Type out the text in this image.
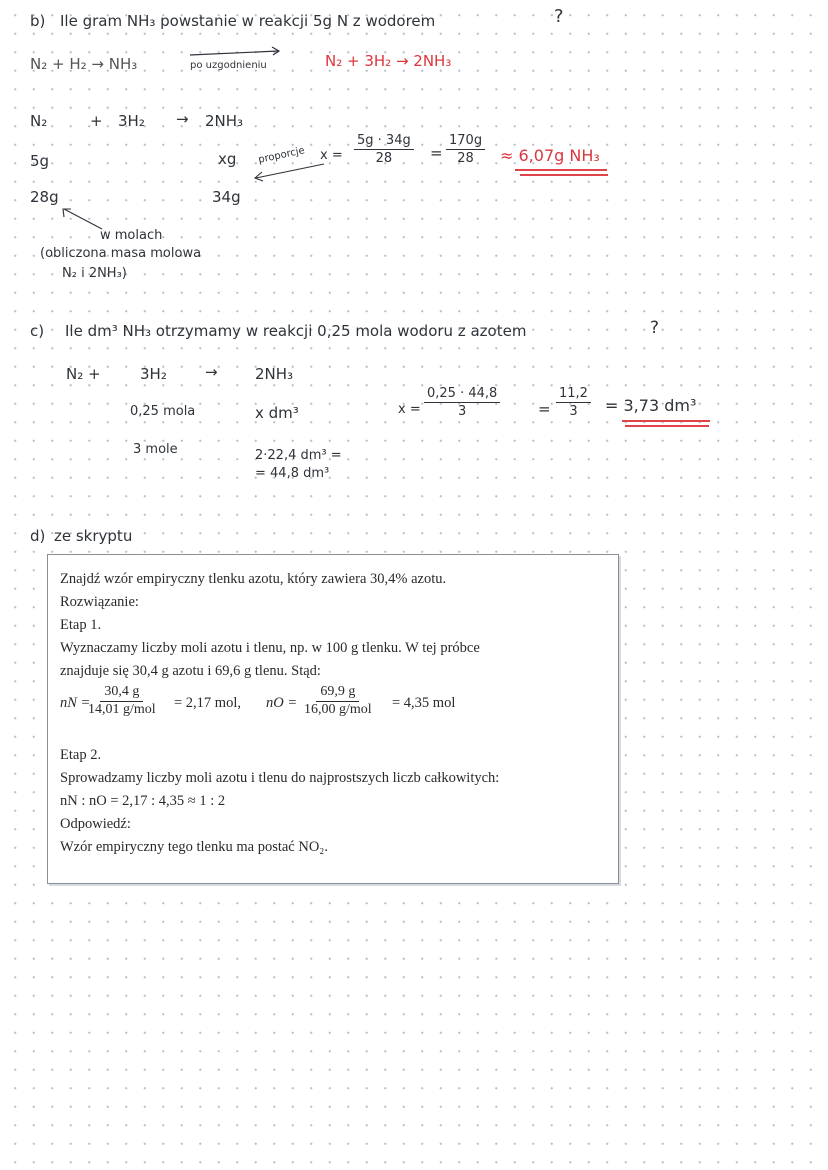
b) Ile gram NH₃ powstanie w reakcji 5g N z wodorem	?
N₂ + H₂ → NH₃	po uzgodnieniu	N₂ + 3H₂ → 2NH₃
N₂	+ 3H₂ → 2NH₃
5g	xg proporcje $x = \frac{5g \cdot 34g}{28} = \frac{170g}{28} \approx 6,07g$ NH₃
28g	34g
w molach
(obliczona masa molowa
N₂ i 2NH₃)
c) Ile dm³ NH₃ otrzymamy w reakcji 0,25 mola wodoru z azotem	?
N₂ +	3H₂	→ 2NH₃
0,25 mola	x dm³	$x = \frac{0,25 \cdot 44,8}{3}$	= $\frac{11,2}{3} = 3,73$ dm³
3 mole	2·22,4 dm³ =
= 44,8 dm³
d) ze skryptu
Znajdź wzór empiryczny tlenku azotu, który zawiera 30,4% azotu.
Rozwiązanie:
Etap 1.
Wyznaczamy liczby moli azotu i tlenu, np. w 100 g tlenku. W tej próbce
znajduje się 30,4 g azotu i 69,6 g tlenu. Stąd:
nN =
30,4 g
14,01 g/mol = 2,17 mol, nO =
69,9 g
16,00 g/mol = 4,35 mol
Etap 2.
Sprowadzamy liczby moli azotu i tlenu do najprostszych liczb całkowitych:
nN : nO = 2,17 : 4,35 ≈ 1 : 2
Odpowiedź:
Wzór empiryczny tego tlenku ma postać NO₂.
